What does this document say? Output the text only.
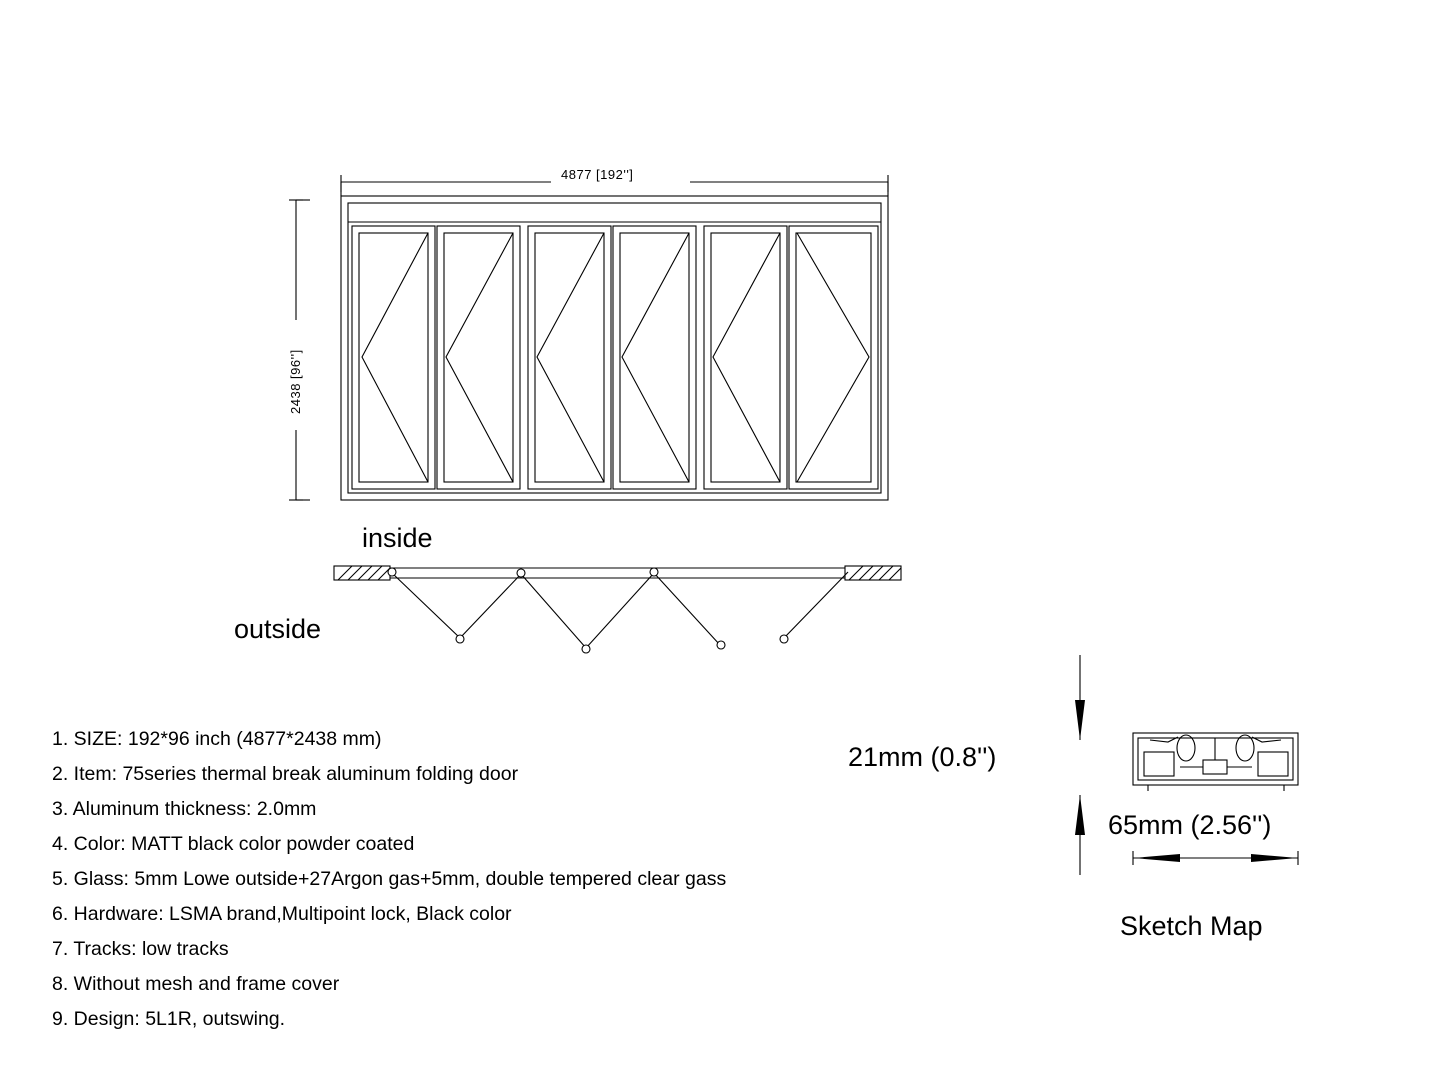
4877 [192'']
2438 [96'']
inside
outside
1. SIZE: 192*96 inch (4877*2438 mm)
2. Item: 75series thermal break aluminum folding door
3. Aluminum thickness: 2.0mm
4. Color: MATT black color powder coated
5. Glass: 5mm Lowe outside+27Argon gas+5mm, double tempered clear gass
6. Hardware: LSMA brand,Multipoint lock, Black color
7. Tracks: low tracks
8. Without mesh and frame cover
9. Design: 5L1R, outswing.
21mm (0.8'')
65mm (2.56'')
Sketch Map
